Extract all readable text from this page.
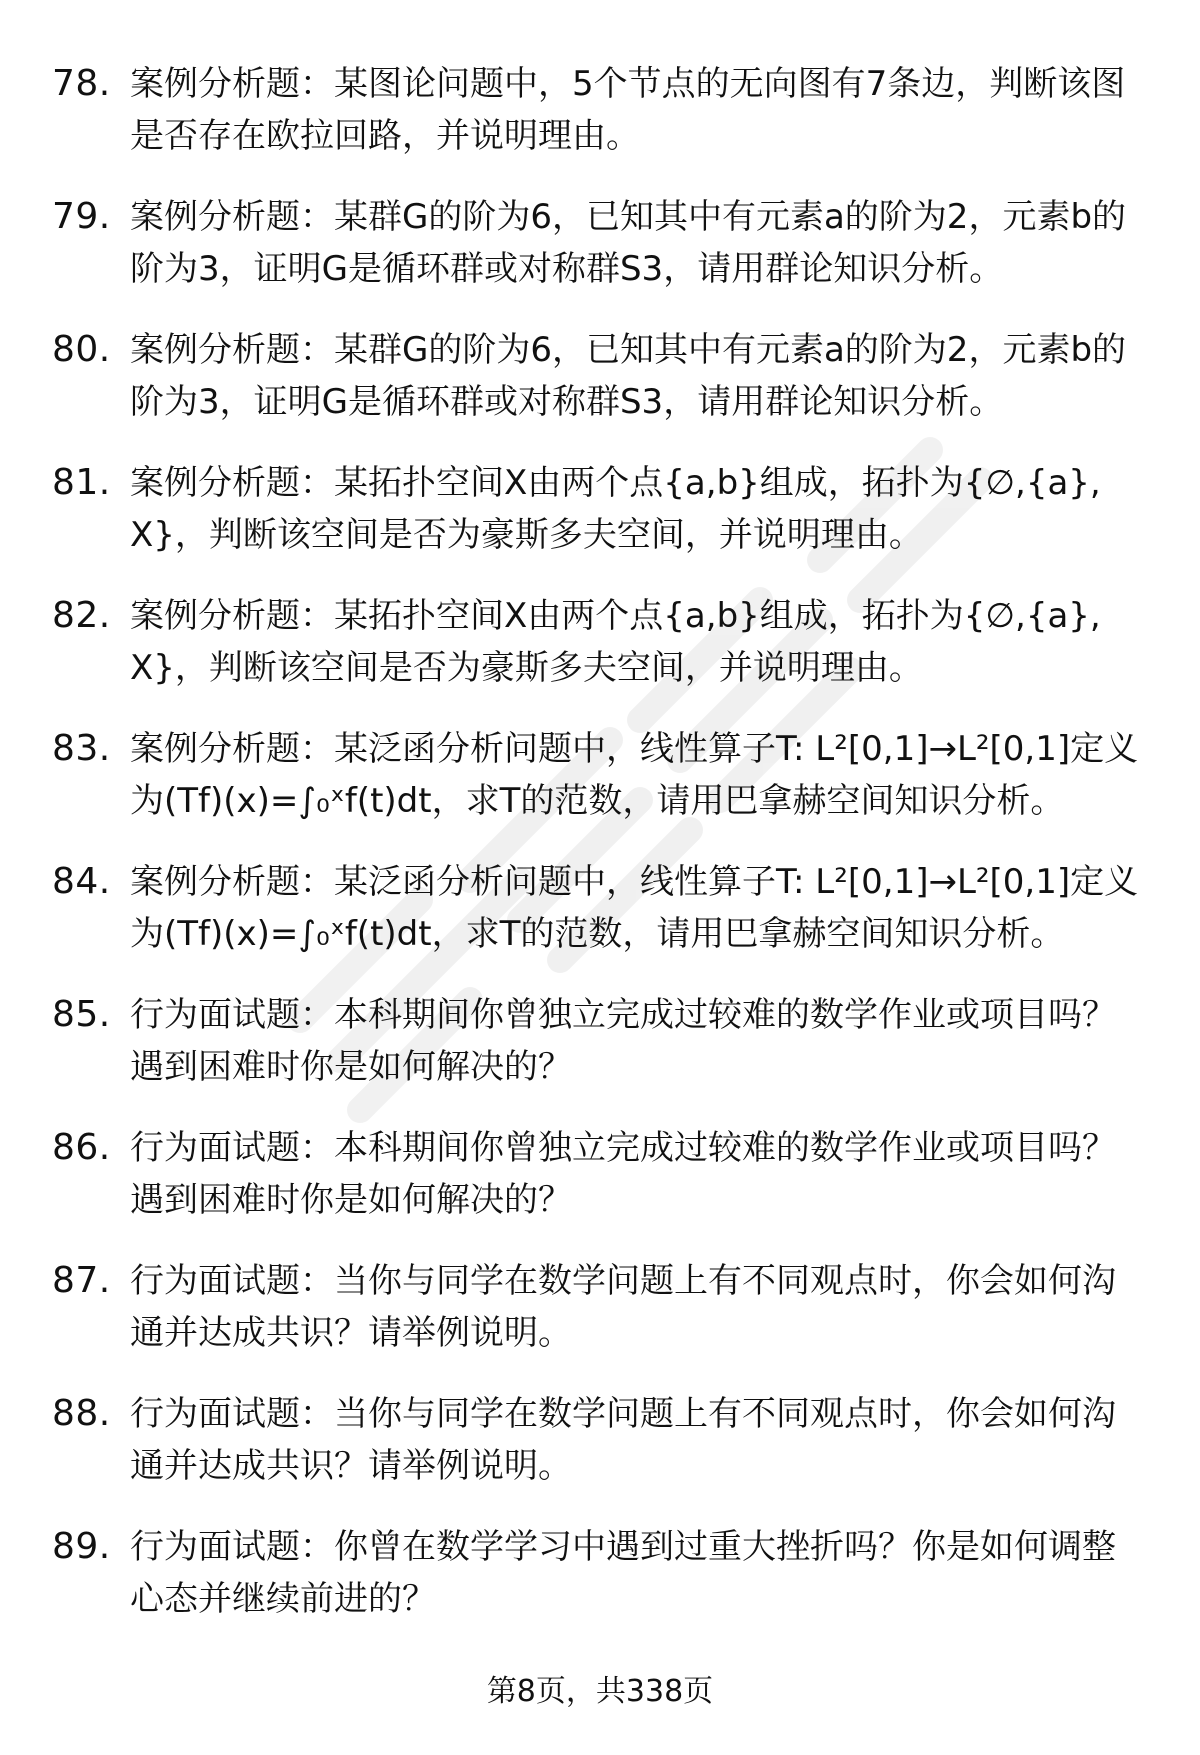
78. 案例分析题：某图论问题中，5个节点的无向图有7条边，判断该图是否存在欧拉回路，并说明理由。
79. 案例分析题：某群G的阶为6，已知其中有元素a的阶为2，元素b的阶为3，证明G是循环群或对称群S3，请用群论知识分析。
80. 案例分析题：某群G的阶为6，已知其中有元素a的阶为2，元素b的阶为3，证明G是循环群或对称群S3，请用群论知识分析。
81. 案例分析题：某拓扑空间X由两个点{a,b}组成，拓扑为{∅,{a},X}，判断该空间是否为豪斯多夫空间，并说明理由。
82. 案例分析题：某拓扑空间X由两个点{a,b}组成，拓扑为{∅,{a},X}，判断该空间是否为豪斯多夫空间，并说明理由。
83. 案例分析题：某泛函分析问题中，线性算子T: L²[0,1]→L²[0,1]定义为(Tf)(x)=∫₀ˣf(t)dt，求T的范数，请用巴拿赫空间知识分析。
84. 案例分析题：某泛函分析问题中，线性算子T: L²[0,1]→L²[0,1]定义为(Tf)(x)=∫₀ˣf(t)dt，求T的范数，请用巴拿赫空间知识分析。
85. 行为面试题：本科期间你曾独立完成过较难的数学作业或项目吗？遇到困难时你是如何解决的？
86. 行为面试题：本科期间你曾独立完成过较难的数学作业或项目吗？遇到困难时你是如何解决的？
87. 行为面试题：当你与同学在数学问题上有不同观点时，你会如何沟通并达成共识？请举例说明。
88. 行为面试题：当你与同学在数学问题上有不同观点时，你会如何沟通并达成共识？请举例说明。
89. 行为面试题：你曾在数学学习中遇到过重大挫折吗？你是如何调整心态并继续前进的？
第8页，共338页
